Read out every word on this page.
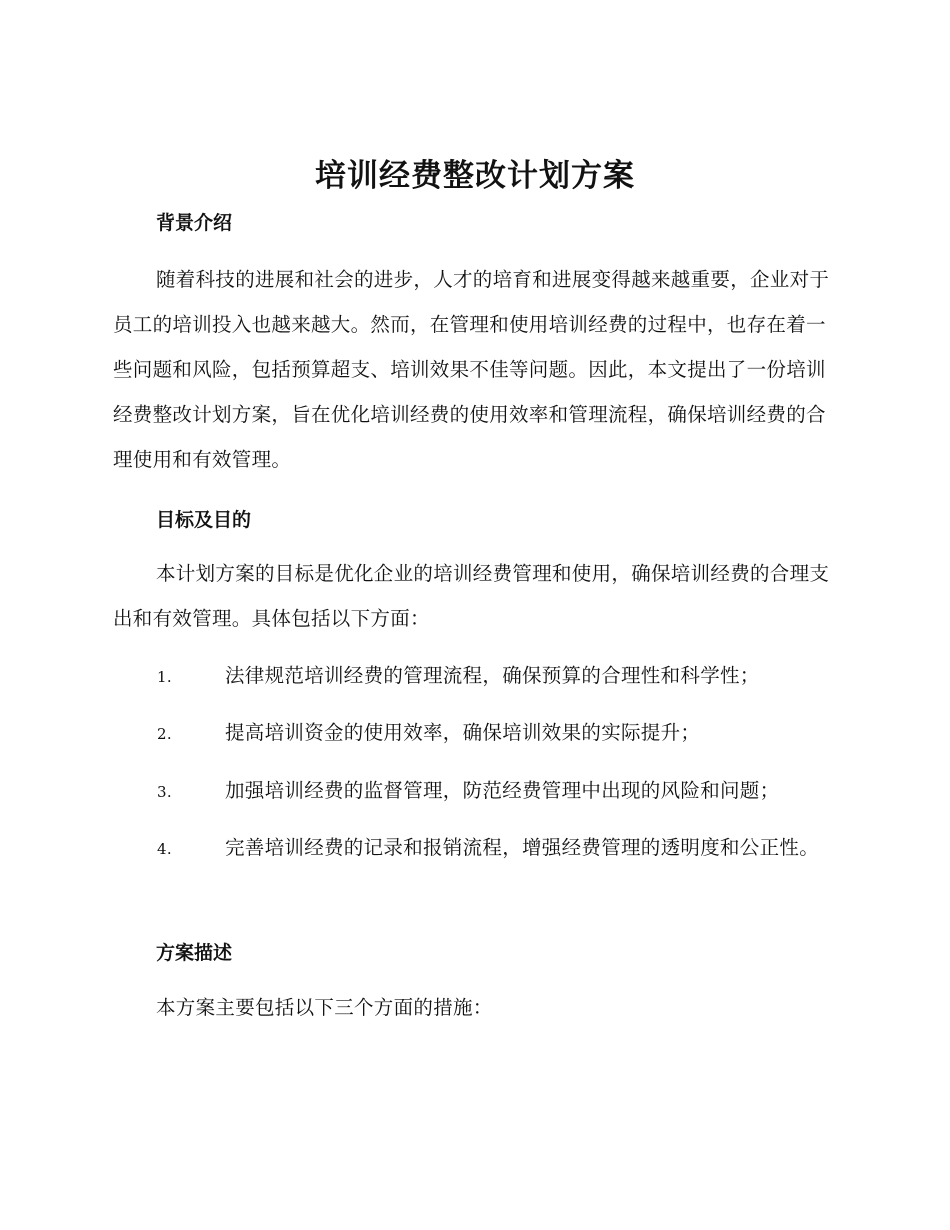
培训经费整改计划方案
背景介绍
随着科技的进展和社会的进步，人才的培育和进展变得越来越重要，企业对于员工的培训投入也越来越大。然而，在管理和使用培训经费的过程中，也存在着一些问题和风险，包括预算超支、培训效果不佳等问题。因此，本文提出了一份培训经费整改计划方案，旨在优化培训经费的使用效率和管理流程，确保培训经费的合理使用和有效管理。
目标及目的
本计划方案的目标是优化企业的培训经费管理和使用，确保培训经费的合理支出和有效管理。具体包括以下方面：
1.	法律规范培训经费的管理流程，确保预算的合理性和科学性；
2.	提高培训资金的使用效率，确保培训效果的实际提升；
3.	加强培训经费的监督管理，防范经费管理中出现的风险和问题；
4.	完善培训经费的记录和报销流程，增强经费管理的透明度和公正性。
方案描述
本方案主要包括以下三个方面的措施：
